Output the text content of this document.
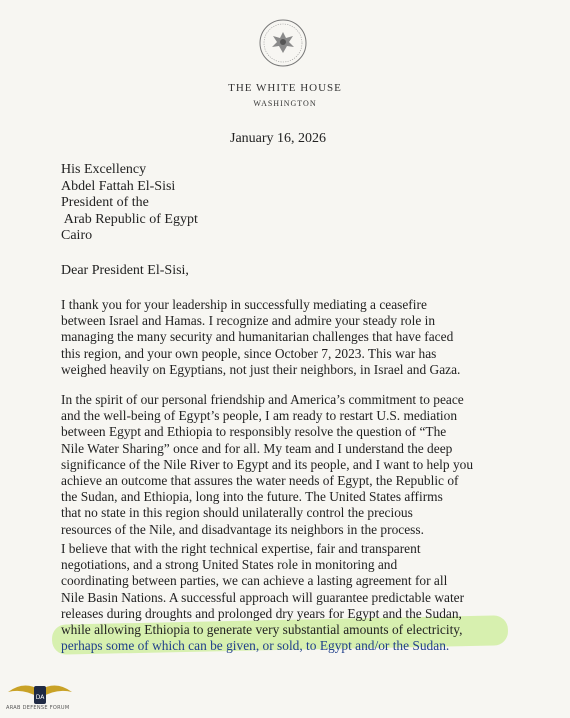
THE WHITE HOUSE
WASHINGTON
January 16, 2026
His Excellency
Abdel Fattah El-Sisi
President of the
Arab Republic of Egypt
Cairo
Dear President El-Sisi,
I thank you for your leadership in successfully mediating a ceasefire
between Israel and Hamas. I recognize and admire your steady role in
managing the many security and humanitarian challenges that have faced
this region, and your own people, since October 7, 2023. This war has
weighed heavily on Egyptians, not just their neighbors, in Israel and Gaza.
In the spirit of our personal friendship and America’s commitment to peace
and the well-being of Egypt’s people, I am ready to restart U.S. mediation
between Egypt and Ethiopia to responsibly resolve the question of “The
Nile Water Sharing” once and for all. My team and I understand the deep
significance of the Nile River to Egypt and its people, and I want to help you
achieve an outcome that assures the water needs of Egypt, the Republic of
the Sudan, and Ethiopia, long into the future. The United States affirms
that no state in this region should unilaterally control the precious
resources of the Nile, and disadvantage its neighbors in the process.
I believe that with the right technical expertise, fair and transparent
negotiations, and a strong United States role in monitoring and
coordinating between parties, we can achieve a lasting agreement for all
Nile Basin Nations. A successful approach will guarantee predictable water
releases during droughts and prolonged dry years for Egypt and the Sudan,
while allowing Ethiopia to generate very substantial amounts of electricity,
perhaps some of which can be given, or sold, to Egypt and/or the Sudan.
DA
ARAB DEFENSE FORUM
